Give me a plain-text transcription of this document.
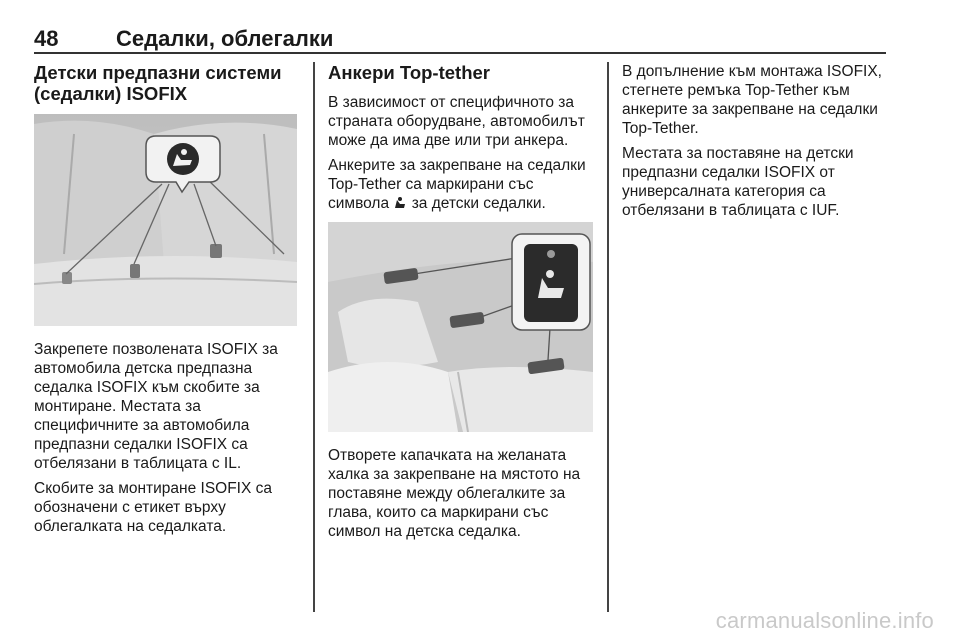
48	Седалки, облегалки
Детски предпазни системи (седалки) ISOFIX

Закрепете позволената ISOFIX за автомобила детска предпазна седалка ISOFIX към скобите за монтиране. Местата за специфичните за автомобила предпазни седалки ISOFIX са отбелязани в таблицата с IL.

Скобите за монтиране ISOFIX са обозначени с етикет върху облегалката на седалката.

Анкери Top-tether

В зависимост от специфичното за страната оборудване, автомобилът може да има две или три анкера.

Анкерите за закрепване на седалки Top-Tether са маркирани със символа за детски седалки.

Отворете капачката на желаната халка за закрепване на мястото на поставяне между облегалките за глава, които са маркирани със символ на детска седалка.

В допълнение към монтажа ISOFIX, стегнете ремъка Top-Tether към анкерите за закрепване на седалки Top-Tether.

Местата за поставяне на детски предпазни седалки ISOFIX от универсалната категория са отбелязани в таблицата с IUF.

carmanualsonline.info
